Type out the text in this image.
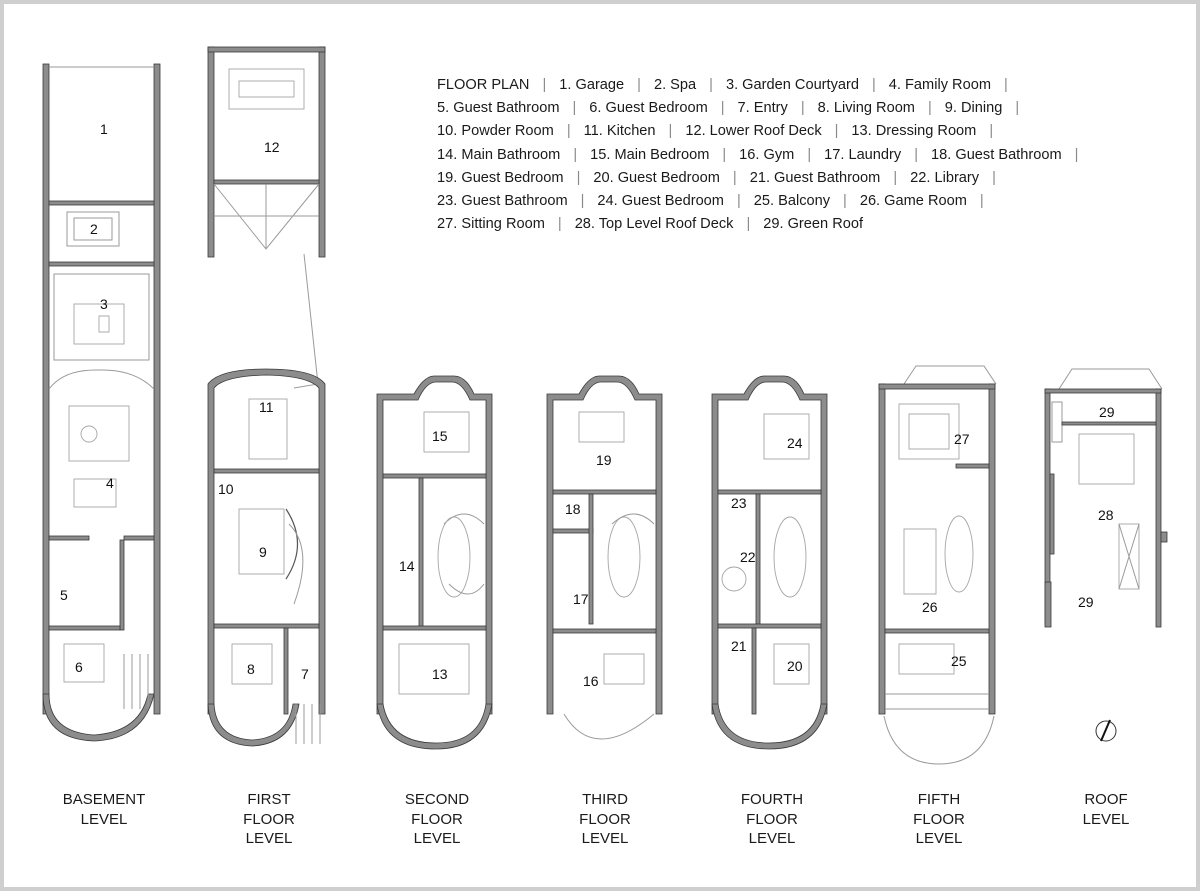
FLOOR PLAN | 1. Garage | 2. Spa | 3. Garden Courtyard | 4. Family Room |
5. Guest Bathroom | 6. Guest Bedroom | 7. Entry | 8. Living Room | 9. Dining |
10. Powder Room | 11. Kitchen | 12. Lower Roof Deck | 13. Dressing Room |
14. Main Bathroom | 15. Main Bedroom | 16. Gym | 17. Laundry | 18. Guest Bathroom |
19. Guest Bedroom | 20. Guest Bedroom | 21. Guest Bathroom | 22. Library |
23. Guest Bathroom | 24. Guest Bedroom | 25. Balcony | 26. Game Room |
27. Sitting Room | 28. Top Level Roof Deck | 29. Green Roof
1
2
3
4
5
6
12
11
10
9
8	7
15
14
13
19
18
17
16
24
23
22
21
20
27
26
25
29
28
29
BASEMENT
LEVEL
FIRST
FLOOR
LEVEL
SECOND
FLOOR
LEVEL
THIRD
FLOOR
LEVEL
FOURTH
FLOOR
LEVEL
FIFTH
FLOOR
LEVEL
ROOF
LEVEL
